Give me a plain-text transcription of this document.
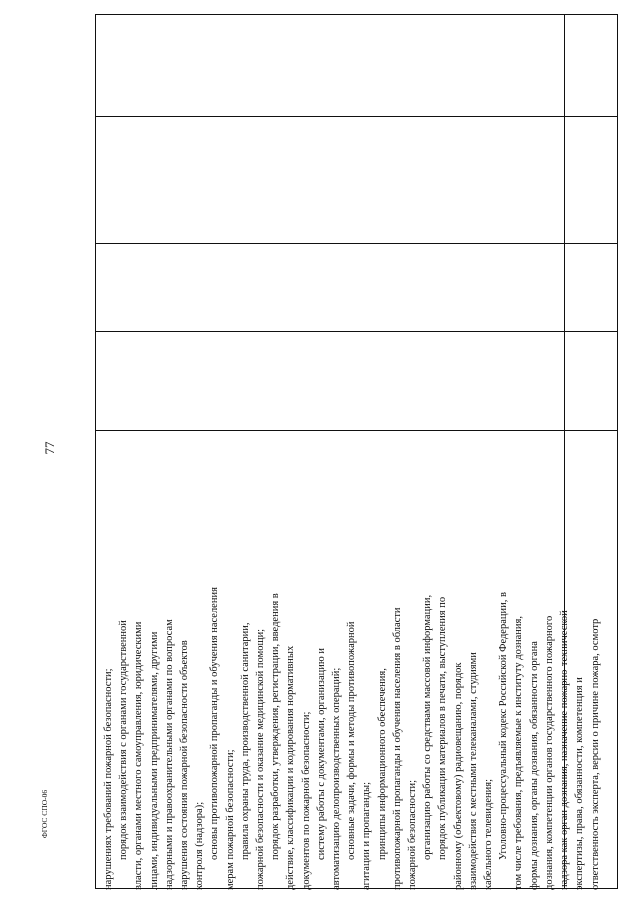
77
ФГОС СПО-06	нарушениях требований пожарной безопасности; порядок взаимодействия с органами государственной власти, органами местного самоуправления, юридическими лицами, индивидуальными предпринимателями, другими надзорными и правоохранительными органами по вопросам нарушения состояния пожарной безопасности объектов контроля (надзора); основы противопожарной пропаганды и обучения населения мерам пожарной безопасности; правила охраны труда, производственной санитарии, пожарной безопасности и оказание медицинской помощи; порядок разработки, утверждения, регистрации, введения в действие, классификации и кодирования нормативных документов по пожарной безопасности; систему работы с документами, организацию и автоматизацию делопроизводственных операций; основные задачи, формы и методы противопожарной агитации и пропаганды; принципы информационного обеспечения, противопожарной пропаганды и обучения населения в области пожарной безопасности; организацию работы со средствами массовой информации, порядок публикации материалов в печати, выступления по районному (объектовому) радиовещанию, порядок взаимодействия с местными телеканалами, студиями кабельного телевидения; Уголовно-процессуальный кодекс Российской Федерации, в том числе требования, предъявляемые к институту дознания, формы дознания, органы дознания, обязанности органа дознания, компетенции органов государственного пожарного надзора как орган дознания, назначение пожарно-технической экспертизы, права, обязанности, компетенция и ответственность эксперта, версии о причине пожара, осмотр
